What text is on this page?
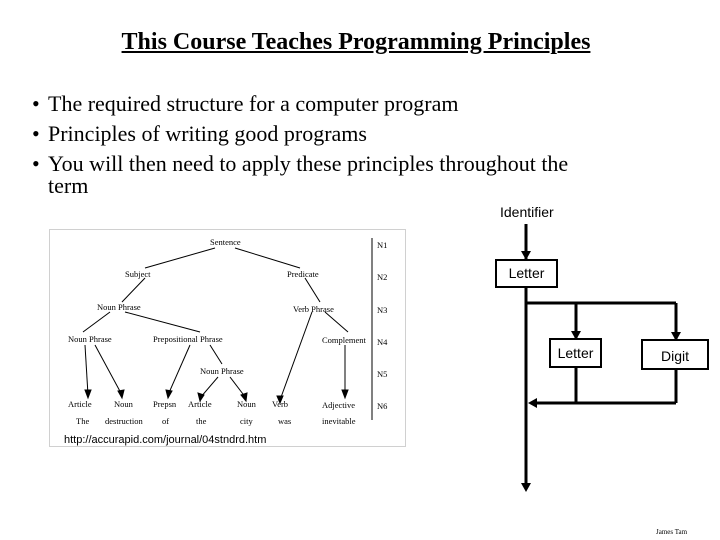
This Course Teaches Programming Principles
• The required structure for a computer program
• Principles of writing good programs
• You will then need to apply these principles throughout the
term
Sentence
Subject	Predicate
Noun Phrase	Verb Phrase
Noun Phrase	Prepositional Phrase	Complement
Noun Phrase
Article	Noun Prepsn Article	Noun Verb	Adjective
The destruction of	the	city	was	inevitable
N1
N2
N3
N4
N5
N6
http://accurapid.com/journal/04stndrd.htm
Identifier
Letter
Letter	Digit
James Tam
